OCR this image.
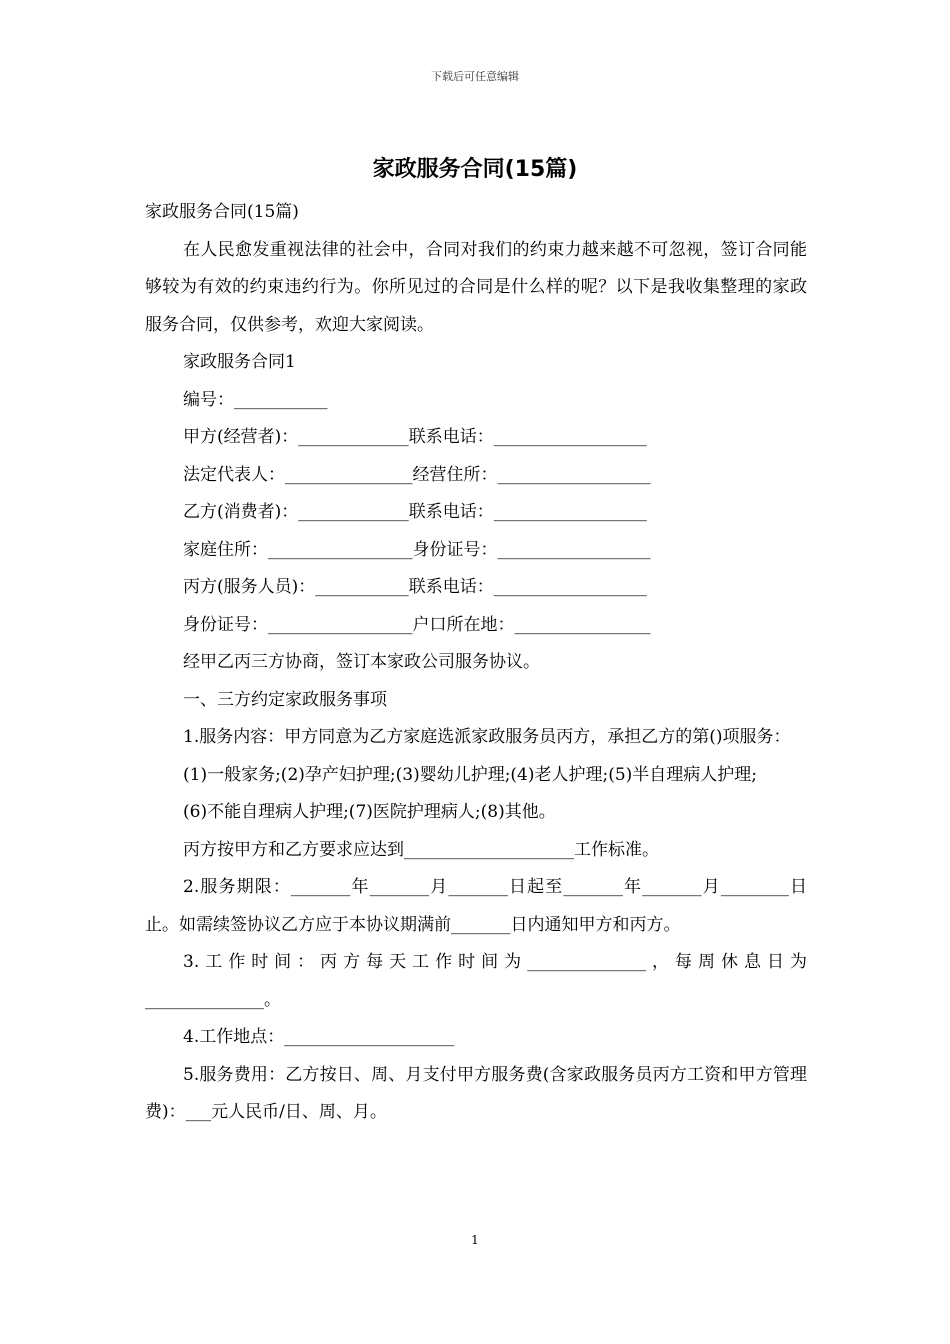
下载后可任意编辑
家政服务合同(15篇)

家政服务合同(15篇)

在人民愈发重视法律的社会中，合同对我们的约束力越来越不可忽视，签订合同能够较为有效的约束违约行为。你所见过的合同是什么样的呢？以下是我收集整理的家政服务合同，仅供参考，欢迎大家阅读。

家政服务合同1

编号：___________

甲方(经营者)：_____________联系电话：__________________

法定代表人：_______________经营住所：__________________

乙方(消费者)：_____________联系电话：__________________

家庭住所：_________________身份证号：__________________

丙方(服务人员)：___________联系电话：__________________

身份证号：_________________户口所在地：________________

经甲乙丙三方协商，签订本家政公司服务协议。

一、三方约定家政服务事项

1.服务内容：甲方同意为乙方家庭选派家政服务员丙方，承担乙方的第()项服务：

(1)一般家务;(2)孕产妇护理;(3)婴幼儿护理;(4)老人护理;(5)半自理病人护理;

(6)不能自理病人护理;(7)医院护理病人;(8)其他。

丙方按甲方和乙方要求应达到____________________工作标准。

2.服务期限：_______年_______月_______日起至_______年_______月________日止。如需续签协议乙方应于本协议期满前_______日内通知甲方和丙方。

3.工作时间：丙方每天工作时间为______________，每周休息日为______________。

4.工作地点：____________________

5.服务费用：乙方按日、周、月支付甲方服务费(含家政服务员丙方工资和甲方管理费)：___元人民币/日、周、月。

1
